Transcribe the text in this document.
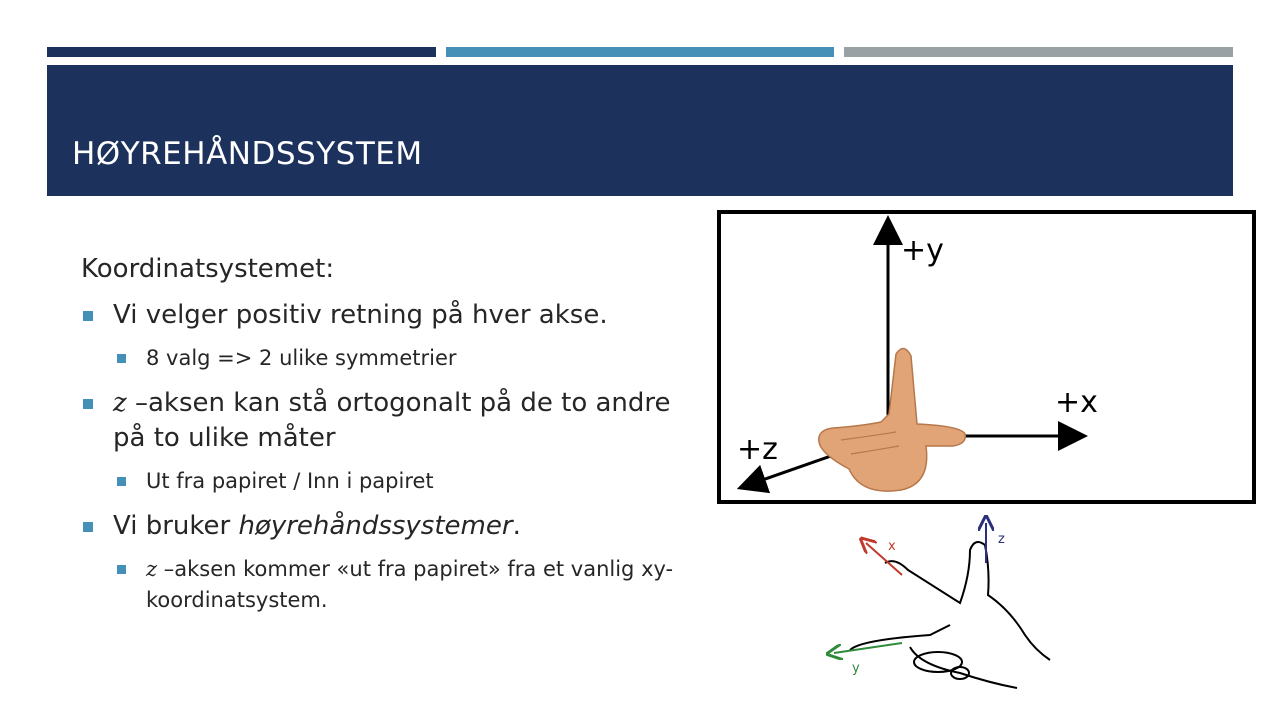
HØYREHÅNDSSYSTEM
Koordinatsystemet:
Vi velger positiv retning på hver akse.
8 valg => 2 ulike symmetrier
z –aksen kan stå ortogonalt på de to andre på to ulike måter
Ut fra papiret / Inn i papiret
Vi bruker høyrehåndssystemer.
z –aksen kommer «ut fra papiret» fra et vanlig xy-koordinatsystem.
+y
+x
+z
x
y
z
